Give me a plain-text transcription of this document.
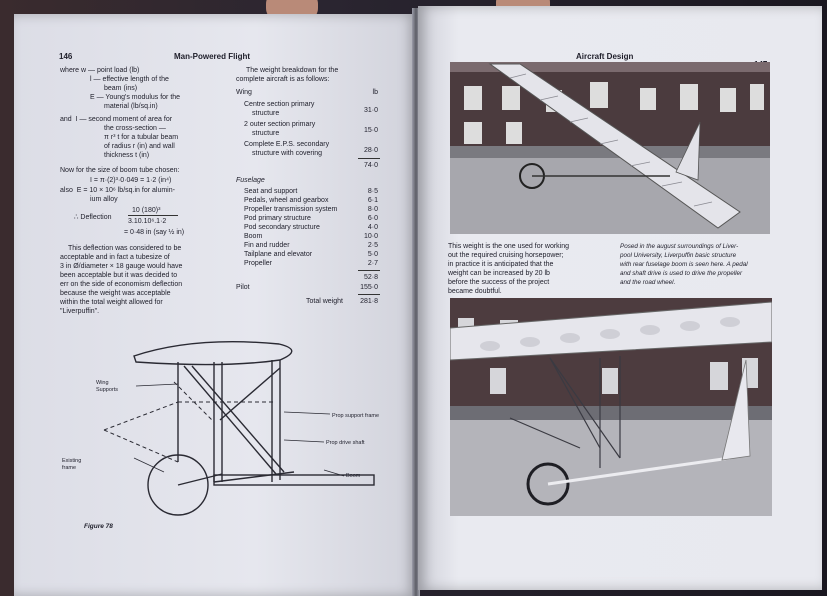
146	Man-Powered Flight
where w — point load (lb)
l — effective length of the
beam (ins)
E — Young's modulus for the
material (lb/sq.in)
and  I — second moment of area for
the cross-section —
π r³ t for a tubular beam
of radius r (in) and wall
thickness t (in)
Now for the size of boom tube chosen:
I = π·(2)³·0·049 = 1·2 (in⁴)
also  E = 10 × 10⁶ lb/sq.in for alumin-
ium alloy
∴ Deflection
10 (180)³
3.10.10⁶.1·2
= 0·48 in (say ½ in)
This deflection was considered to be
acceptable and in fact a tubesize of
3 in Ø/diameter × 18 gauge would have
been acceptable but it was decided to
err on the side of economism deflection
because the weight was acceptable
within the total weight allowed for
"Liverpuffin".
The weight breakdown for the
complete aircraft is as follows:
Wing	lb
Centre section primary
structure	31·0
2 outer section primary
structure	15·0
Complete E.P.S. secondary
structure with covering	28·0
74·0
Fuselage
Seat and support	8·5
Pedals, wheel and gearbox	6·1
Propeller transmission system	8·0
Pod primary structure	6·0
Pod secondary structure	4·0
Boom	10·0
Fin and rudder	2·5
Tailplane and elevator	5·0
Propeller	2·7
52·8
Pilot	155·0
Total weight	281·8
Wing
Supports
Existing
frame
Prop support frame
Prop drive shaft
Boom
Figure 78
Aircraft Design
This weight is the one used for working
out the required cruising horsepower;
in practice it is anticipated that the
weight can be increased by 20 lb
before the success of the project
became doubtful.
Posed in the august surroundings of Liver-
pool University, Liverpuffin basic structure
with rear fuselage boom is seen here. A pedal
and shaft drive is used to drive the propeller
and the road wheel.
